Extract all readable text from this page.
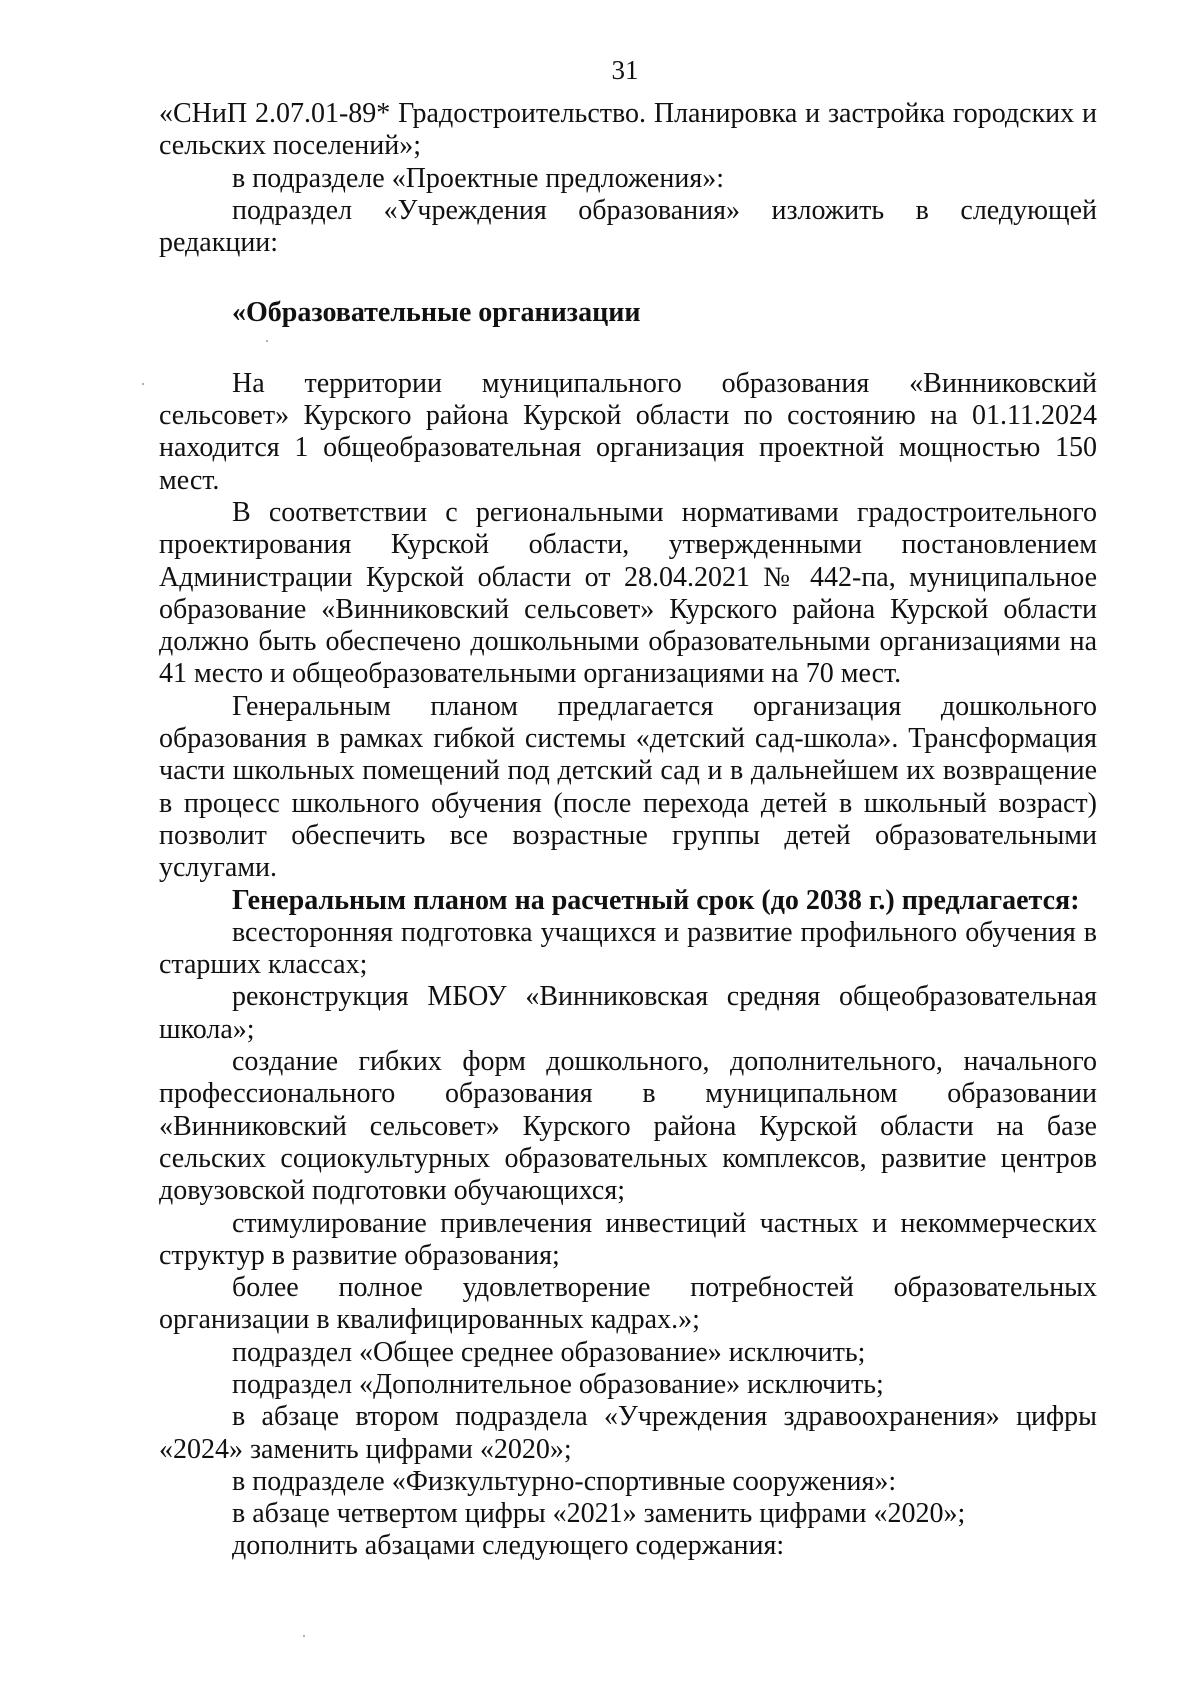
31

«СНиП 2.07.01-89* Градостроительство. Планировка и застройка городских и сельских поселений»;

в подразделе «Проектные предложения»:

подраздел «Учреждения образования» изложить в следующей редакции:

«Образовательные организации

На территории муниципального образования «Винниковский сельсовет» Курского района Курской области по состоянию на 01.11.2024 находится 1 общеобразовательная организация проектной мощностью 150 мест.

В соответствии с региональными нормативами градостроительного проектирования Курской области, утвержденными постановлением Администрации Курской области от 28.04.2021 № 442-па, муниципальное образование «Винниковский сельсовет» Курского района Курской области должно быть обеспечено дошкольными образовательными организациями на 41 место и общеобразовательными организациями на 70 мест.

Генеральным планом предлагается организация дошкольного образования в рамках гибкой системы «детский сад-школа». Трансформация части школьных помещений под детский сад и в дальнейшем их возвращение в процесс школьного обучения (после перехода детей в школьный возраст) позволит обеспечить все возрастные группы детей образовательными услугами.

Генеральным планом на расчетный срок (до 2038 г.) предлагается:

всесторонняя подготовка учащихся и развитие профильного обучения в старших классах;

реконструкция МБОУ «Винниковская средняя общеобразовательная школа»;

создание гибких форм дошкольного, дополнительного, начального профессионального образования в муниципальном образовании «Винниковский сельсовет» Курского района Курской области на базе сельских социокультурных образовательных комплексов, развитие центров довузовской подготовки обучающихся;

стимулирование привлечения инвестиций частных и некоммерческих структур в развитие образования;

более полное удовлетворение потребностей образовательных организации в квалифицированных кадрах.»;

подраздел «Общее среднее образование» исключить;

подраздел «Дополнительное образование» исключить;

в абзаце втором подраздела «Учреждения здравоохранения» цифры «2024» заменить цифрами «2020»;

в подразделе «Физкультурно-спортивные сооружения»:

в абзаце четвертом цифры «2021» заменить цифрами «2020»;

дополнить абзацами следующего содержания:
